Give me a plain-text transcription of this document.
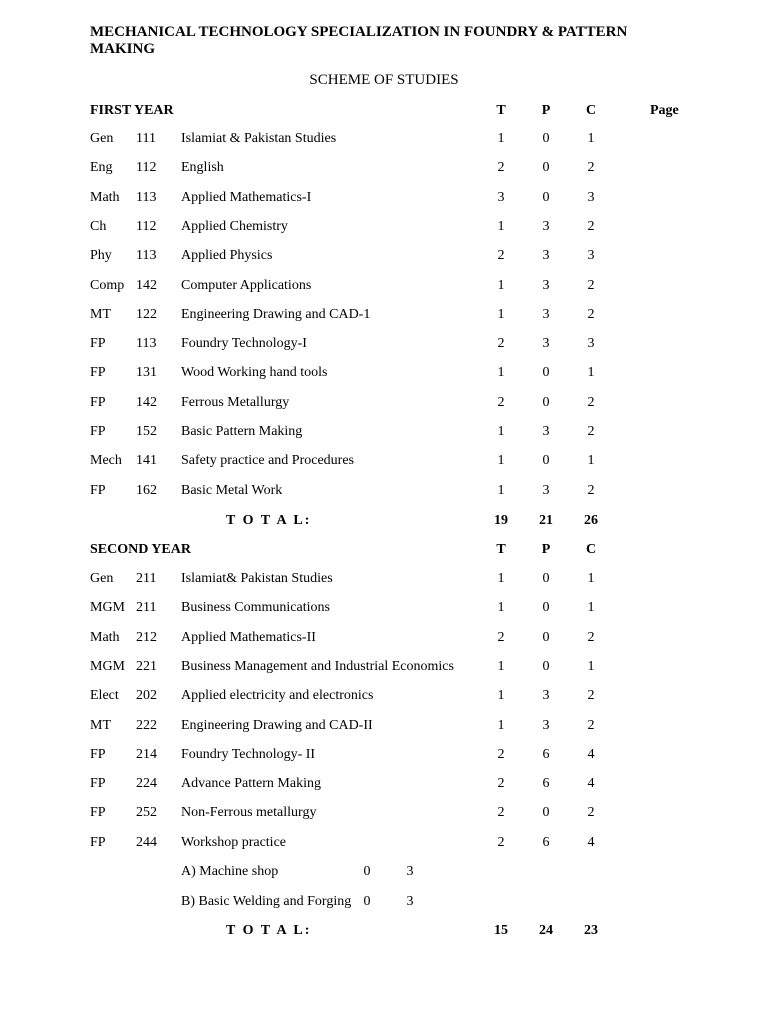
MECHANICAL TECHNOLOGY SPECIALIZATION IN FOUNDRY & PATTERN MAKING
SCHEME OF STUDIES
FIRST YEAR	T	P	C	Page
Gen 111 Islamiat & Pakistan Studies	1	0	1
Eng 112 English	2	0	2
Math 113 Applied Mathematics-I	3	0	3
Ch 112 Applied Chemistry	1	3	2
Phy 113 Applied Physics	2	3	3
Comp 142 Computer Applications	1	3	2
MT 122 Engineering Drawing and CAD-1	1	3	2
FP 113 Foundry Technology-I	2	3	3
FP 131 Wood Working hand tools	1	0	1
FP 142 Ferrous Metallurgy	2	0	2
FP 152 Basic Pattern Making	1	3	2
Mech 141 Safety practice and Procedures	1	0	1
FP 162 Basic Metal Work	1	3	2
T O T A L:	19	21	26
SECOND YEAR	T	P	C
Gen 211 Islamiat& Pakistan Studies	1	0	1
MGM 211 Business Communications	1	0	1
Math 212 Applied Mathematics-II	2	0	2
MGM 221 Business Management and Industrial Economics	1	0	1
Elect 202 Applied electricity and electronics	1	3	2
MT 222 Engineering Drawing and CAD-II	1	3	2
FP 214 Foundry Technology- II	2	6	4
FP 224 Advance Pattern Making	2	6	4
FP 252 Non-Ferrous metallurgy	2	0	2
FP 244 Workshop practice	2	6	4
A) Machine shop	0	3
B) Basic Welding and Forging 0	3
T O T A L:	15	24	23
